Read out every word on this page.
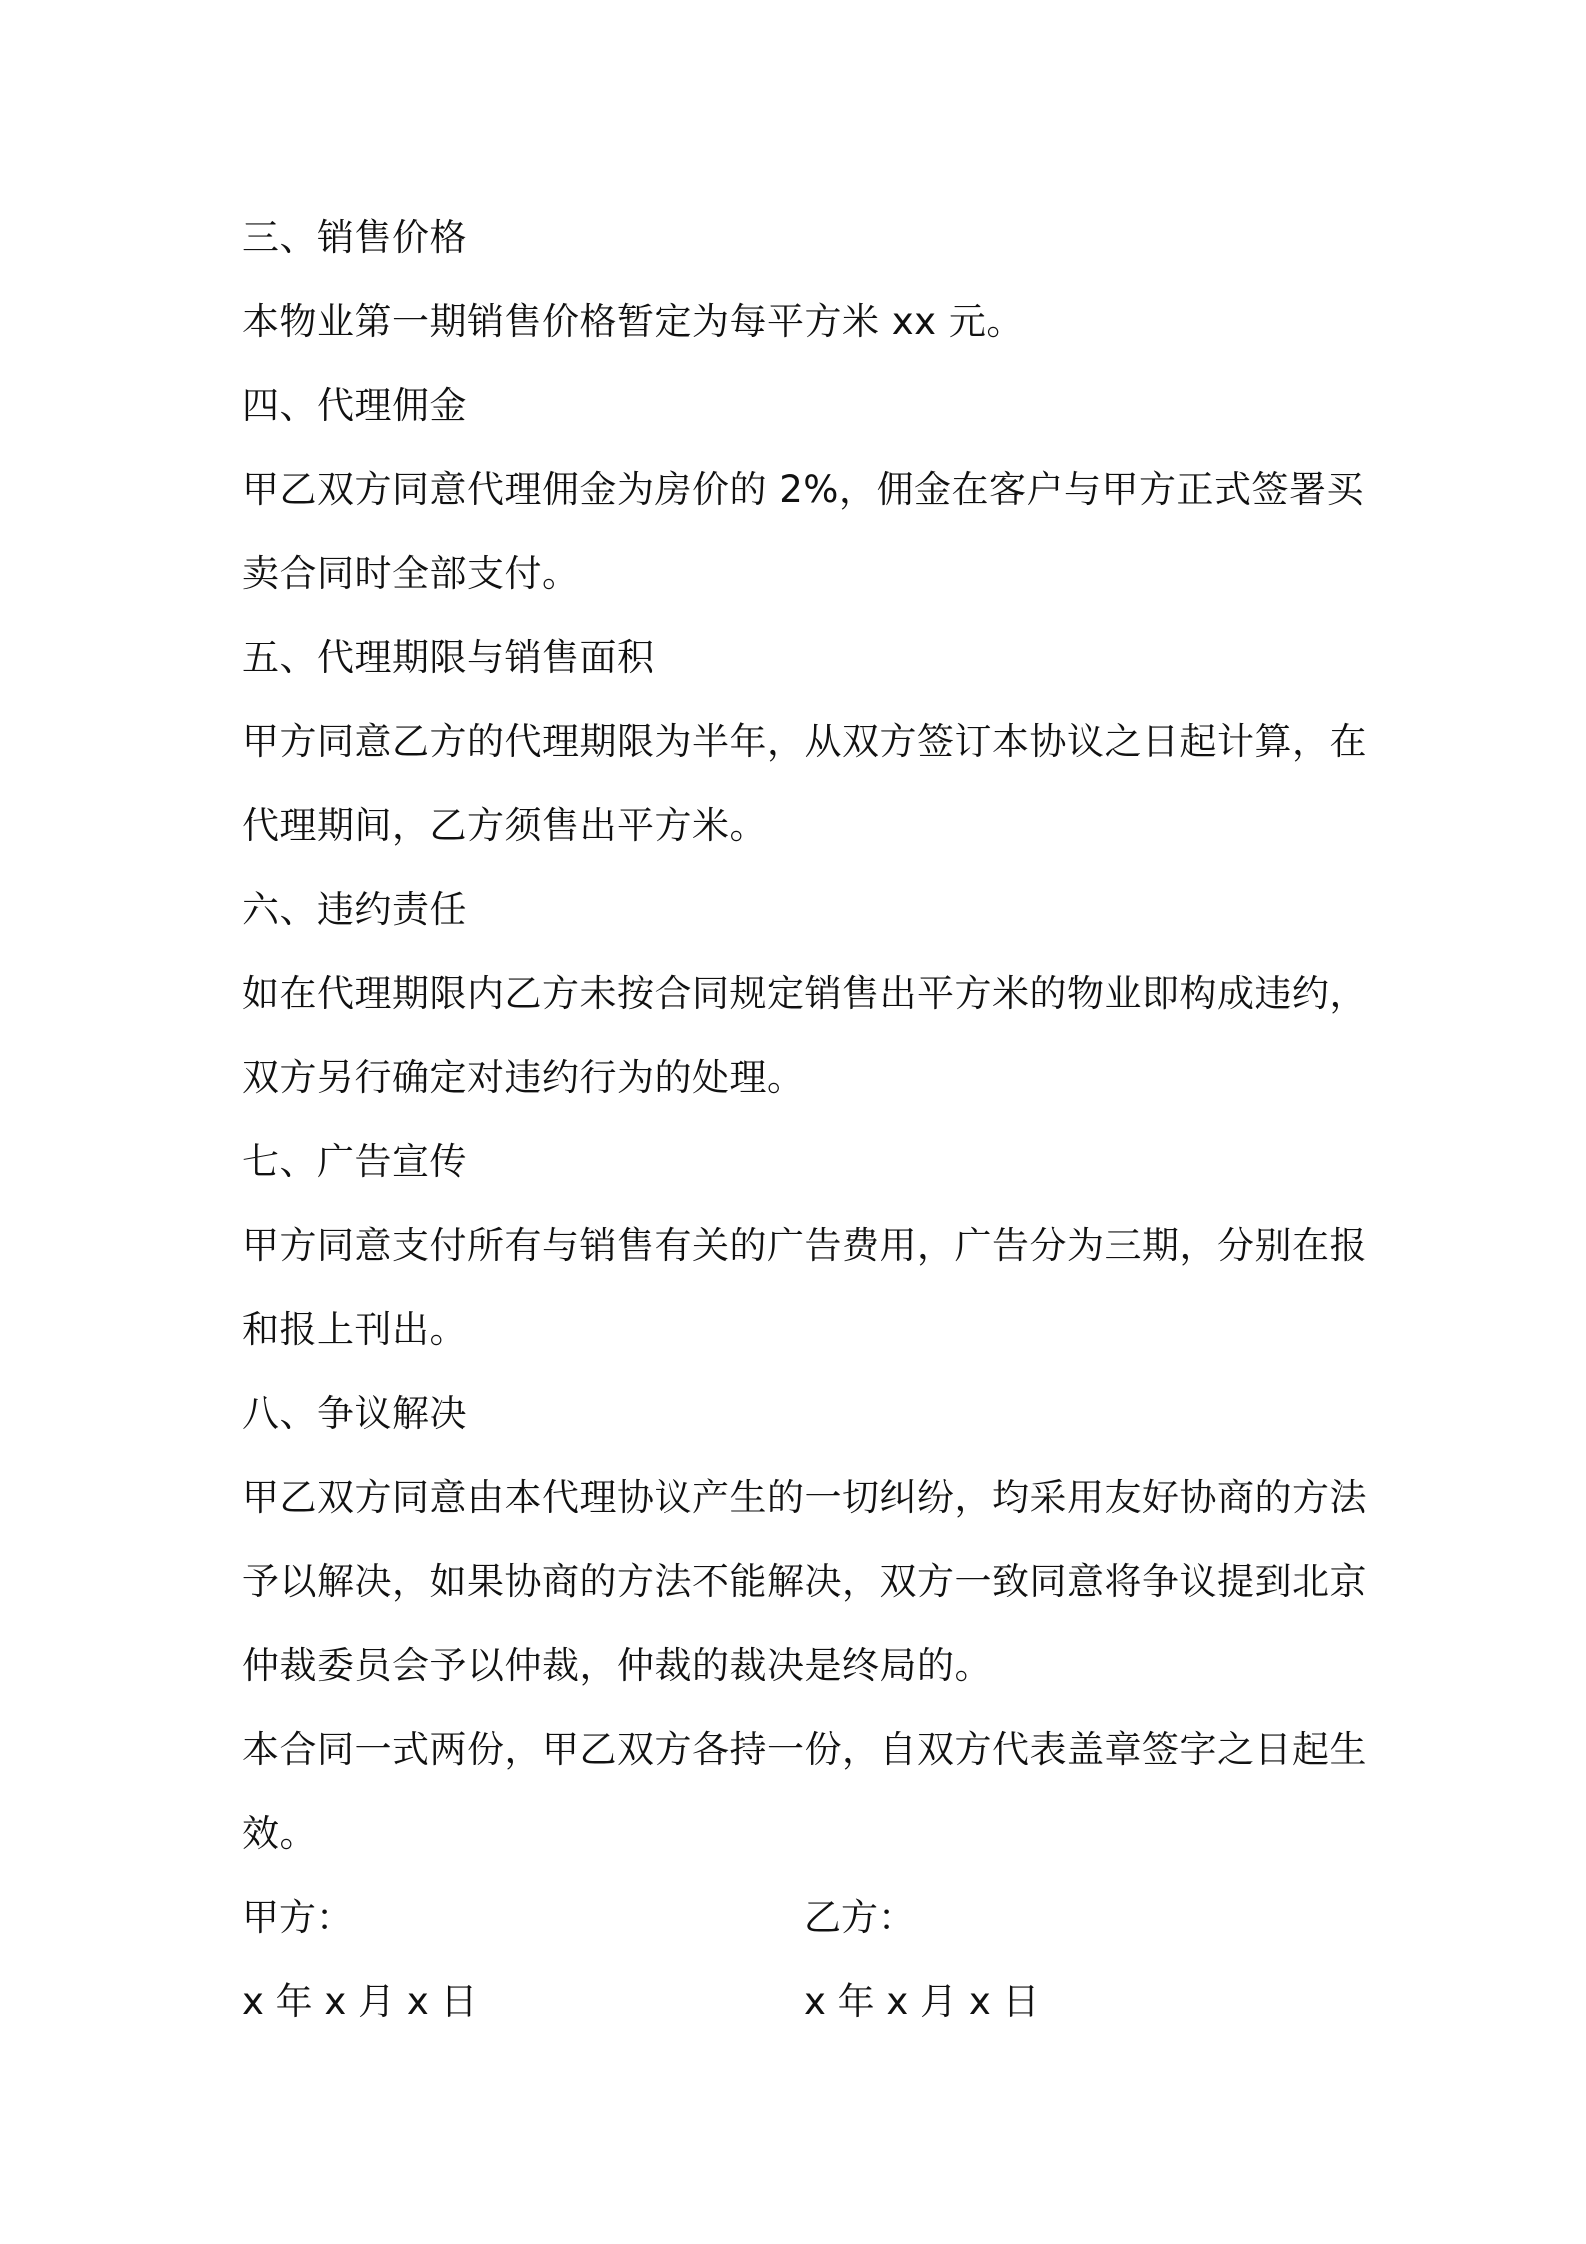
三、销售价格
本物业第一期销售价格暂定为每平方米 xx 元。
四、代理佣金
甲乙双方同意代理佣金为房价的 2%，佣金在客户与甲方正式签署买
卖合同时全部支付。
五、代理期限与销售面积
甲方同意乙方的代理期限为半年，从双方签订本协议之日起计算，在
代理期间，乙方须售出平方米。
六、违约责任
如在代理期限内乙方未按合同规定销售出平方米的物业即构成违约，
双方另行确定对违约行为的处理。
七、广告宣传
甲方同意支付所有与销售有关的广告费用，广告分为三期，分别在报
和报上刊出。
八、争议解决
甲乙双方同意由本代理协议产生的一切纠纷，均采用友好协商的方法
予以解决，如果协商的方法不能解决，双方一致同意将争议提到北京
仲裁委员会予以仲裁，仲裁的裁决是终局的。
本合同一式两份，甲乙双方各持一份，自双方代表盖章签字之日起生
效。
甲方：	乙方：
x 年 x 月 x 日	x 年 x 月 x 日
